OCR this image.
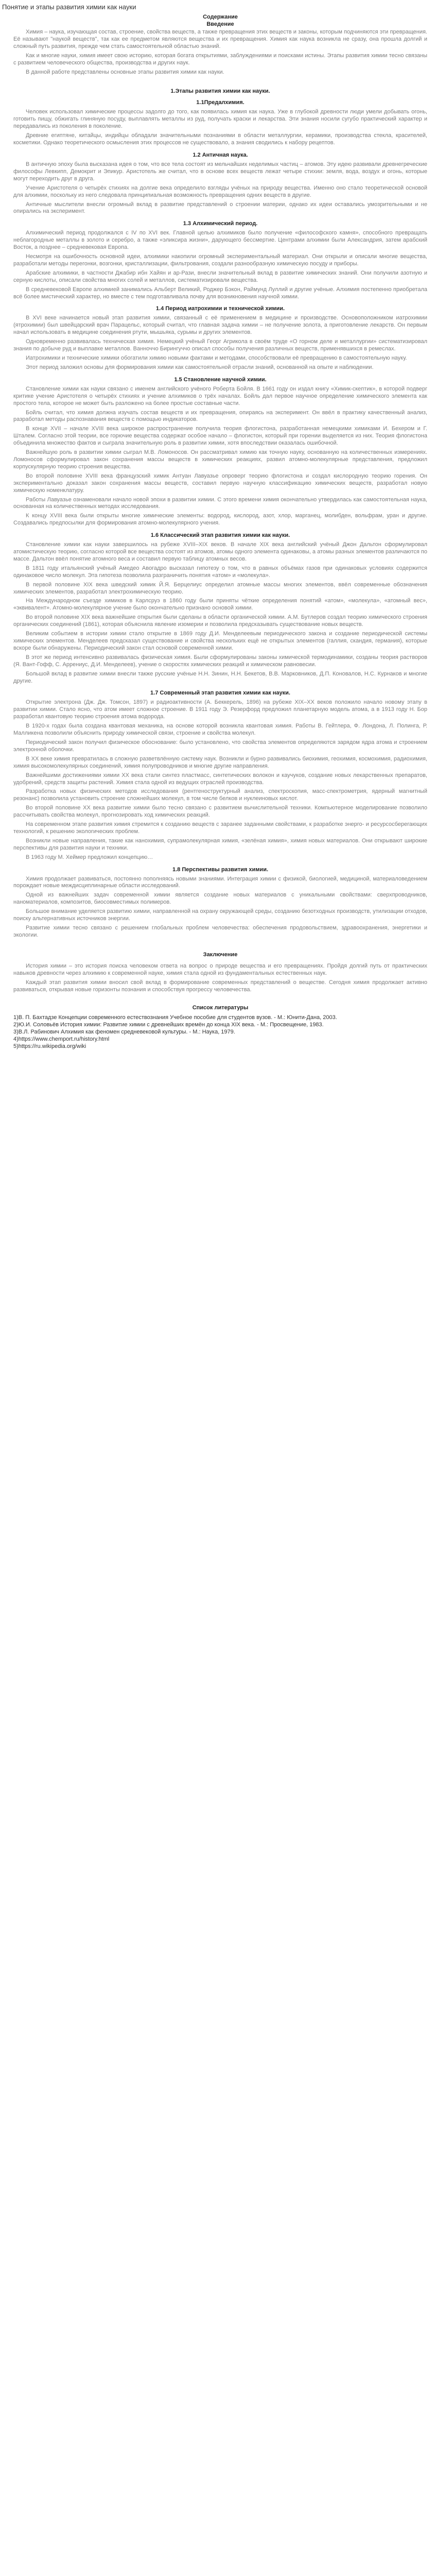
Понятие и этапы развития химии как науки
Содержание
Введение

Химия – наука, изучающая состав, строение, свойства веществ, а также превращения этих веществ и законы, которым подчиняются эти превращения. Её называют "наукой веществ", так как ее предметом являются вещества и их превращения. Химия как наука возникла не сразу, она прошла долгий и сложный путь развития, прежде чем стать самостоятельной областью знаний.

Как и многие науки, химия имеет свою историю, которая богата открытиями, заблуждениями и поисками истины. Этапы развития химии тесно связаны с развитием человеческого общества, производства и других наук.

В данной работе представлены основные этапы развития химии как науки.

1.Этапы развития химии как науки.
1.1Предалхимия.

Человек использовал химические процессы задолго до того, как появилась химия как наука. Уже в глубокой древности люди умели добывать огонь, готовить пищу, обжигать глиняную посуду, выплавлять металлы из руд, получать краски и лекарства. Эти знания носили сугубо практический характер и передавались из поколения в поколение.

Древние египтяне, китайцы, индийцы обладали значительными познаниями в области металлургии, керамики, производства стекла, красителей, косметики. Однако теоретического осмысления этих процессов не существовало, а знания сводились к набору рецептов.

1.2 Античная наука.

В античную эпоху была высказана идея о том, что все тела состоят из мельчайших неделимых частиц – атомов. Эту идею развивали древнегреческие философы Левкипп, Демокрит и Эпикур. Аристотель же считал, что в основе всех веществ лежат четыре стихии: земля, вода, воздух и огонь, которые могут переходить друг в друга.

Учение Аристотеля о четырёх стихиях на долгие века определило взгляды учёных на природу вещества. Именно оно стало теоретической основой для алхимии, поскольку из него следовала принципиальная возможность превращения одних веществ в другие.

Античные мыслители внесли огромный вклад в развитие представлений о строении материи, однако их идеи оставались умозрительными и не опирались на эксперимент.

1.3 Алхимический период.

Алхимический период продолжался с IV по XVI век. Главной целью алхимиков было получение «философского камня», способного превращать неблагородные металлы в золото и серебро, а также «эликсира жизни», дарующего бессмертие. Центрами алхимии были Александрия, затем арабский Восток, а позднее – средневековая Европа.

Несмотря на ошибочность основной идеи, алхимики накопили огромный экспериментальный материал. Они открыли и описали многие вещества, разработали методы перегонки, возгонки, кристаллизации, фильтрования, создали разнообразную химическую посуду и приборы.

Арабские алхимики, в частности Джабир ибн Хайян и ар-Рази, внесли значительный вклад в развитие химических знаний. Они получили азотную и серную кислоты, описали свойства многих солей и металлов, систематизировали вещества.

В средневековой Европе алхимией занимались Альберт Великий, Роджер Бэкон, Раймунд Луллий и другие учёные. Алхимия постепенно приобретала всё более мистический характер, но вместе с тем подготавливала почву для возникновения научной химии.

1.4 Период иатрохимии и технической химии.

В XVI веке начинается новый этап развития химии, связанный с её применением в медицине и производстве. Основоположником иатрохимии (ятрохимии) был швейцарский врач Парацельс, который считал, что главная задача химии – не получение золота, а приготовление лекарств. Он первым начал использовать в медицине соединения ртути, мышьяка, сурьмы и других элементов.

Одновременно развивалась техническая химия. Немецкий учёный Георг Агрикола в своём труде «О горном деле и металлургии» систематизировал знания по добыче руд и выплавке металлов. Ванноччо Бирингуччо описал способы получения различных веществ, применявшихся в ремеслах.

Иатрохимики и технические химики обогатили химию новыми фактами и методами, способствовали её превращению в самостоятельную науку.

Этот период заложил основы для формирования химии как самостоятельной отрасли знаний, основанной на опыте и наблюдении.

1.5 Становление научной химии.

Становление химии как науки связано с именем английского учёного Роберта Бойля. В 1661 году он издал книгу «Химик-скептик», в которой подверг критике учение Аристотеля о четырёх стихиях и учение алхимиков о трёх началах. Бойль дал первое научное определение химического элемента как простого тела, которое не может быть разложено на более простые составные части.

Бойль считал, что химия должна изучать состав веществ и их превращения, опираясь на эксперимент. Он ввёл в практику качественный анализ, разработал методы распознавания веществ с помощью индикаторов.

В конце XVII – начале XVIII века широкое распространение получила теория флогистона, разработанная немецкими химиками И. Бехером и Г. Шталем. Согласно этой теории, все горючие вещества содержат особое начало – флогистон, который при горении выделяется из них. Теория флогистона объединила множество фактов и сыграла значительную роль в развитии химии, хотя впоследствии оказалась ошибочной.

Важнейшую роль в развитии химии сыграл М.В. Ломоносов. Он рассматривал химию как точную науку, основанную на количественных измерениях. Ломоносов сформулировал закон сохранения массы веществ в химических реакциях, развил атомно-молекулярные представления, предложил корпускулярную теорию строения вещества.

Во второй половине XVIII века французский химик Антуан Лавуазье опроверг теорию флогистона и создал кислородную теорию горения. Он экспериментально доказал закон сохранения массы веществ, составил первую научную классификацию химических веществ, разработал новую химическую номенклатуру.

Работы Лавуазье ознаменовали начало новой эпохи в развитии химии. С этого времени химия окончательно утвердилась как самостоятельная наука, основанная на количественных методах исследования.

К концу XVIII века были открыты многие химические элементы: водород, кислород, азот, хлор, марганец, молибден, вольфрам, уран и другие. Создавались предпосылки для формирования атомно-молекулярного учения.

1.6 Классический этап развития химии как науки.

Становление химии как науки завершилось на рубеже XVIII–XIX веков. В начале XIX века английский учёный Джон Дальтон сформулировал атомистическую теорию, согласно которой все вещества состоят из атомов, атомы одного элемента одинаковы, а атомы разных элементов различаются по массе. Дальтон ввёл понятие атомного веса и составил первую таблицу атомных весов.

В 1811 году итальянский учёный Амедео Авогадро высказал гипотезу о том, что в равных объёмах газов при одинаковых условиях содержится одинаковое число молекул. Эта гипотеза позволила разграничить понятия «атом» и «молекула».

В первой половине XIX века шведский химик Й.Я. Берцелиус определил атомные массы многих элементов, ввёл современные обозначения химических элементов, разработал электрохимическую теорию.

На Международном съезде химиков в Карлсруэ в 1860 году были приняты чёткие определения понятий «атом», «молекула», «атомный вес», «эквивалент». Атомно-молекулярное учение было окончательно признано основой химии.

Во второй половине XIX века важнейшие открытия были сделаны в области органической химии. А.М. Бутлеров создал теорию химического строения органических соединений (1861), которая объяснила явление изомерии и позволила предсказывать существование новых веществ.

Великим событием в истории химии стало открытие в 1869 году Д.И. Менделеевым периодического закона и создание периодической системы химических элементов. Менделеев предсказал существование и свойства нескольких ещё не открытых элементов (галлия, скандия, германия), которые вскоре были обнаружены. Периодический закон стал основой современной химии.

В этот же период интенсивно развивалась физическая химия. Были сформулированы законы химической термодинамики, созданы теория растворов (Я. Вант-Гофф, С. Аррениус, Д.И. Менделеев), учение о скоростях химических реакций и химическом равновесии.

Большой вклад в развитие химии внесли также русские учёные Н.Н. Зинин, Н.Н. Бекетов, В.В. Марковников, Д.П. Коновалов, Н.С. Курнаков и многие другие.

1.7 Современный этап развития химии как науки.

Открытие электрона (Дж. Дж. Томсон, 1897) и радиоактивности (А. Беккерель, 1896) на рубеже XIX–XX веков положило начало новому этапу в развитии химии. Стало ясно, что атом имеет сложное строение. В 1911 году Э. Резерфорд предложил планетарную модель атома, а в 1913 году Н. Бор разработал квантовую теорию строения атома водорода.

В 1920-х годах была создана квантовая механика, на основе которой возникла квантовая химия. Работы В. Гейтлера, Ф. Лондона, Л. Полинга, Р. Малликена позволили объяснить природу химической связи, строение и свойства молекул.

Периодический закон получил физическое обоснование: было установлено, что свойства элементов определяются зарядом ядра атома и строением электронной оболочки.

В XX веке химия превратилась в сложную разветвлённую систему наук. Возникли и бурно развивались биохимия, геохимия, космохимия, радиохимия, химия высокомолекулярных соединений, химия полупроводников и многие другие направления.

Важнейшими достижениями химии XX века стали синтез пластмасс, синтетических волокон и каучуков, создание новых лекарственных препаратов, удобрений, средств защиты растений. Химия стала одной из ведущих отраслей производства.

Разработка новых физических методов исследования (рентгеноструктурный анализ, спектроскопия, масс-спектрометрия, ядерный магнитный резонанс) позволила установить строение сложнейших молекул, в том числе белков и нуклеиновых кислот.

Во второй половине XX века развитие химии было тесно связано с развитием вычислительной техники. Компьютерное моделирование позволило рассчитывать свойства молекул, прогнозировать ход химических реакций.

На современном этапе развития химия стремится к созданию веществ с заранее заданными свойствами, к разработке энерго- и ресурсосберегающих технологий, к решению экологических проблем.

Возникли новые направления, такие как нанохимия, супрамолекулярная химия, «зелёная химия», химия новых материалов. Они открывают широкие перспективы для развития науки и техники.

В 1963 году М. Хеймер предложил концепцию…

1.8 Перспективы развития химии.

Химия продолжает развиваться, постоянно пополняясь новыми знаниями. Интеграция химии с физикой, биологией, медициной, материаловедением порождает новые междисциплинарные области исследований.

Одной из важнейших задач современной химии является создание новых материалов с уникальными свойствами: сверхпроводников, наноматериалов, композитов, биосовместимых полимеров.

Большое внимание уделяется развитию химии, направленной на охрану окружающей среды, созданию безотходных производств, утилизации отходов, поиску альтернативных источников энергии.

Развитие химии тесно связано с решением глобальных проблем человечества: обеспечения продовольствием, здравоохранения, энергетики и экологии.

Заключение

История химии – это история поиска человеком ответа на вопрос о природе вещества и его превращениях. Пройдя долгий путь от практических навыков древности через алхимию к современной науке, химия стала одной из фундаментальных естественных наук.

Каждый этап развития химии вносил свой вклад в формирование современных представлений о веществе. Сегодня химия продолжает активно развиваться, открывая новые горизонты познания и способствуя прогрессу человечества.

Список литературы

1)В. П. Бахтадзе Концепции современного естествознания Учебное пособие для студентов вузов. - М.: Юнити-Дана, 2003.

2)Ю.И. Соловьёв История химии: Развитие химии с древнейших времён до конца XIX века. - М.: Просвещение, 1983.

3)В.Л. Рабинович Алхимия как феномен средневековой культуры. - М.: Наука, 1979.

4)https://www.chemport.ru/history.html

5)https://ru.wikipedia.org/wiki
